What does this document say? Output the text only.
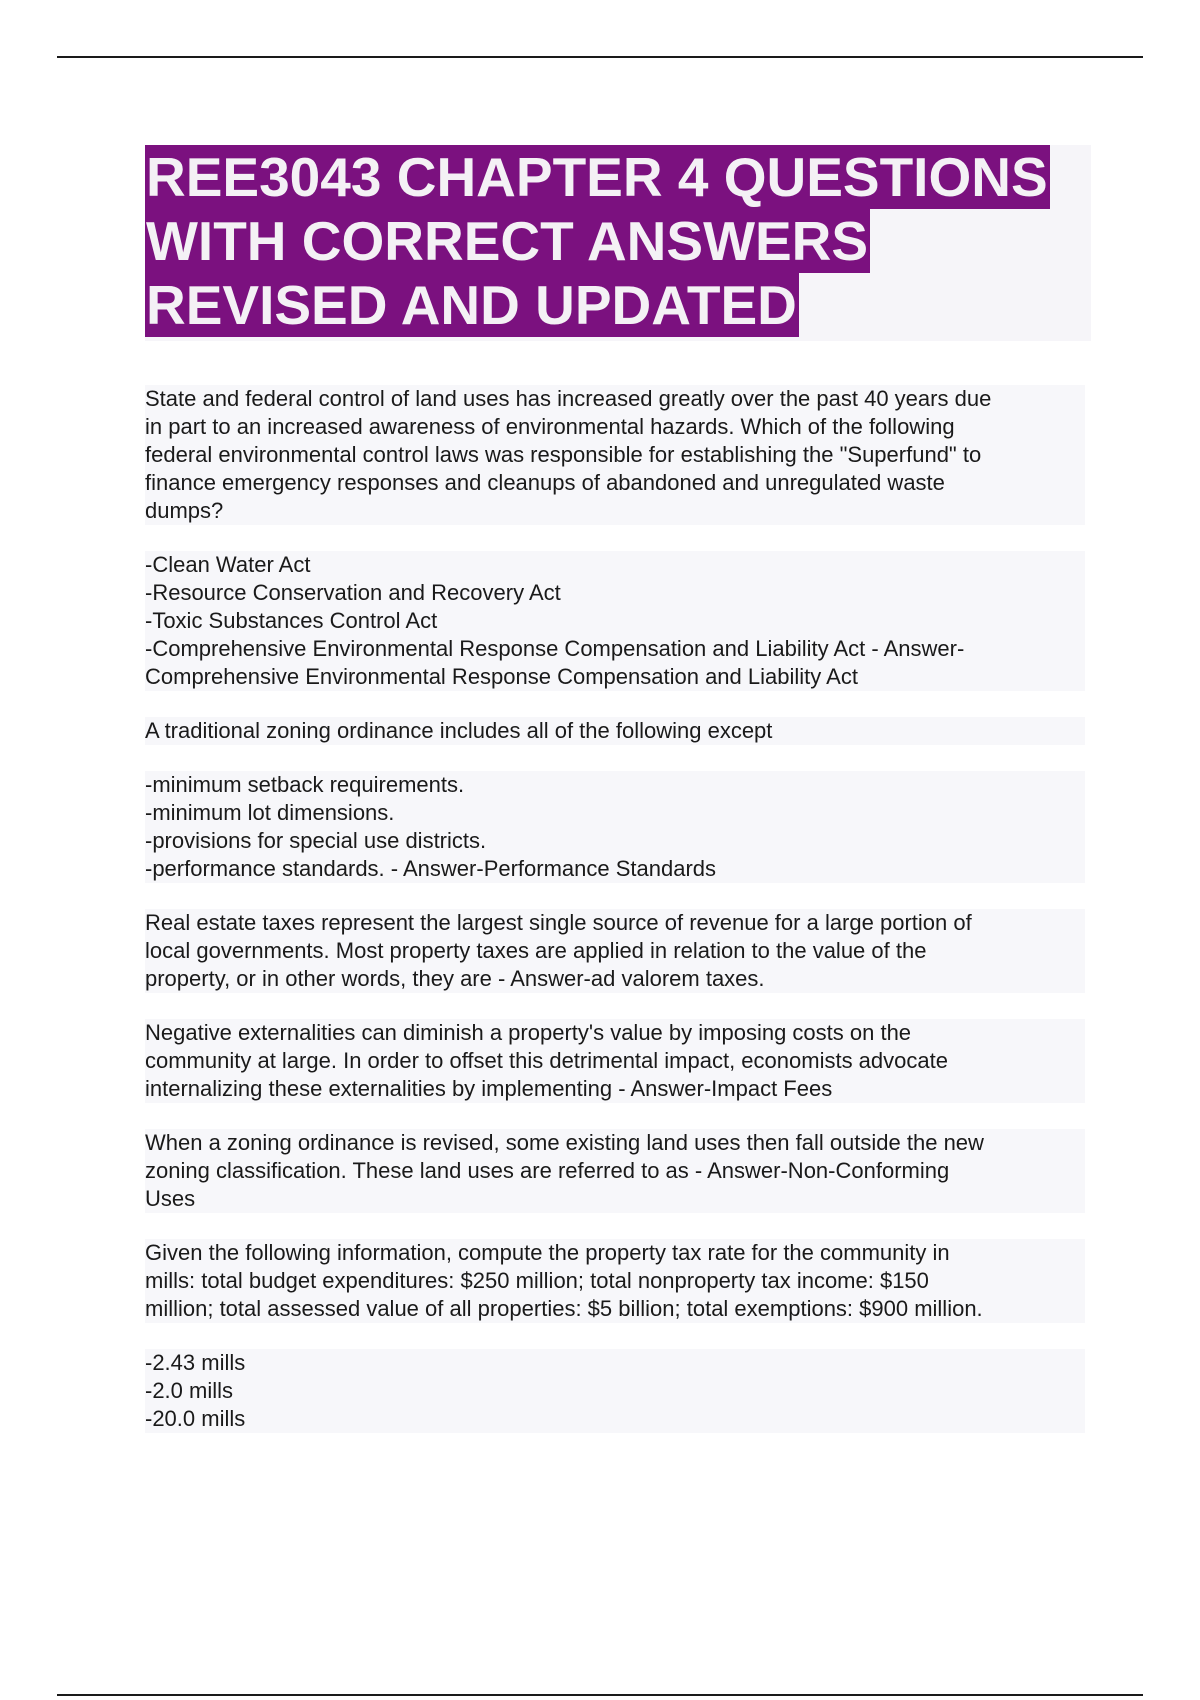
REE3043 CHAPTER 4 QUESTIONS
WITH CORRECT ANSWERS
REVISED AND UPDATED
State and federal control of land uses has increased greatly over the past 40 years due
in part to an increased awareness of environmental hazards. Which of the following
federal environmental control laws was responsible for establishing the "Superfund" to
finance emergency responses and cleanups of abandoned and unregulated waste
dumps?
-Clean Water Act
-Resource Conservation and Recovery Act
-Toxic Substances Control Act
-Comprehensive Environmental Response Compensation and Liability Act - Answer-
Comprehensive Environmental Response Compensation and Liability Act
A traditional zoning ordinance includes all of the following except
-minimum setback requirements.
-minimum lot dimensions.
-provisions for special use districts.
-performance standards. - Answer-Performance Standards
Real estate taxes represent the largest single source of revenue for a large portion of
local governments. Most property taxes are applied in relation to the value of the
property, or in other words, they are - Answer-ad valorem taxes.
Negative externalities can diminish a property's value by imposing costs on the
community at large. In order to offset this detrimental impact, economists advocate
internalizing these externalities by implementing - Answer-Impact Fees
When a zoning ordinance is revised, some existing land uses then fall outside the new
zoning classification. These land uses are referred to as - Answer-Non-Conforming
Uses
Given the following information, compute the property tax rate for the community in
mills: total budget expenditures: $250 million; total nonproperty tax income: $150
million; total assessed value of all properties: $5 billion; total exemptions: $900 million.
-2.43 mills
-2.0 mills
-20.0 mills
